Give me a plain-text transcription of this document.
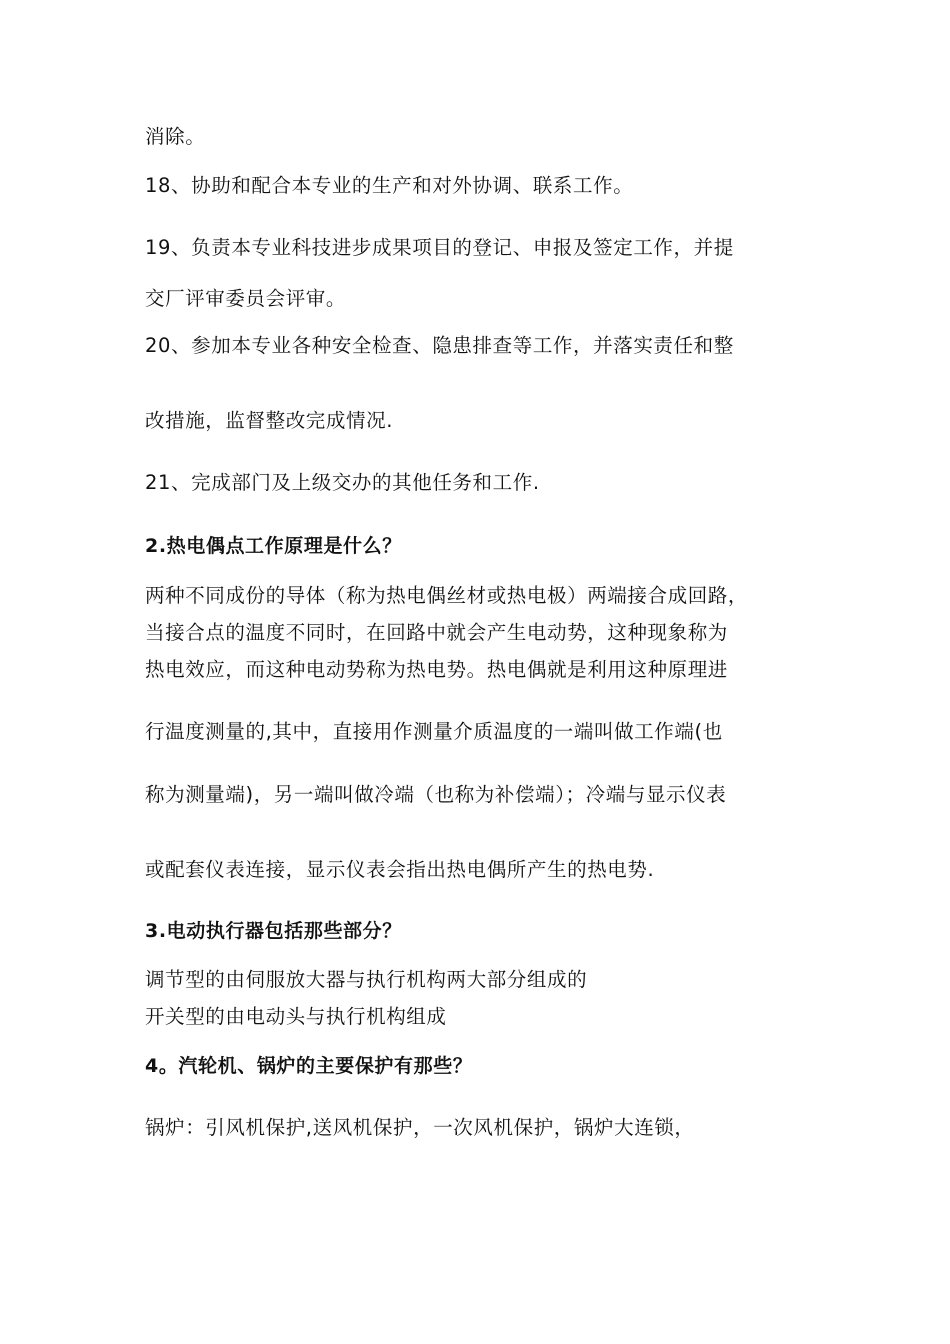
消除。
18、协助和配合本专业的生产和对外协调、联系工作。
19、负责本专业科技进步成果项目的登记、申报及签定工作，并提
交厂评审委员会评审。
20、参加本专业各种安全检查、隐患排查等工作，并落实责任和整
改措施，监督整改完成情况.
21、完成部门及上级交办的其他任务和工作.
2.热电偶点工作原理是什么？
两种不同成份的导体（称为热电偶丝材或热电极）两端接合成回路，
当接合点的温度不同时，在回路中就会产生电动势，这种现象称为
热电效应，而这种电动势称为热电势。热电偶就是利用这种原理进
行温度测量的,其中，直接用作测量介质温度的一端叫做工作端(也
称为测量端)，另一端叫做冷端（也称为补偿端）；冷端与显示仪表
或配套仪表连接，显示仪表会指出热电偶所产生的热电势.
3.电动执行器包括那些部分？
调节型的由伺服放大器与执行机构两大部分组成的
开关型的由电动头与执行机构组成
4。汽轮机、锅炉的主要保护有那些？
锅炉：引风机保护,送风机保护，一次风机保护，锅炉大连锁，
